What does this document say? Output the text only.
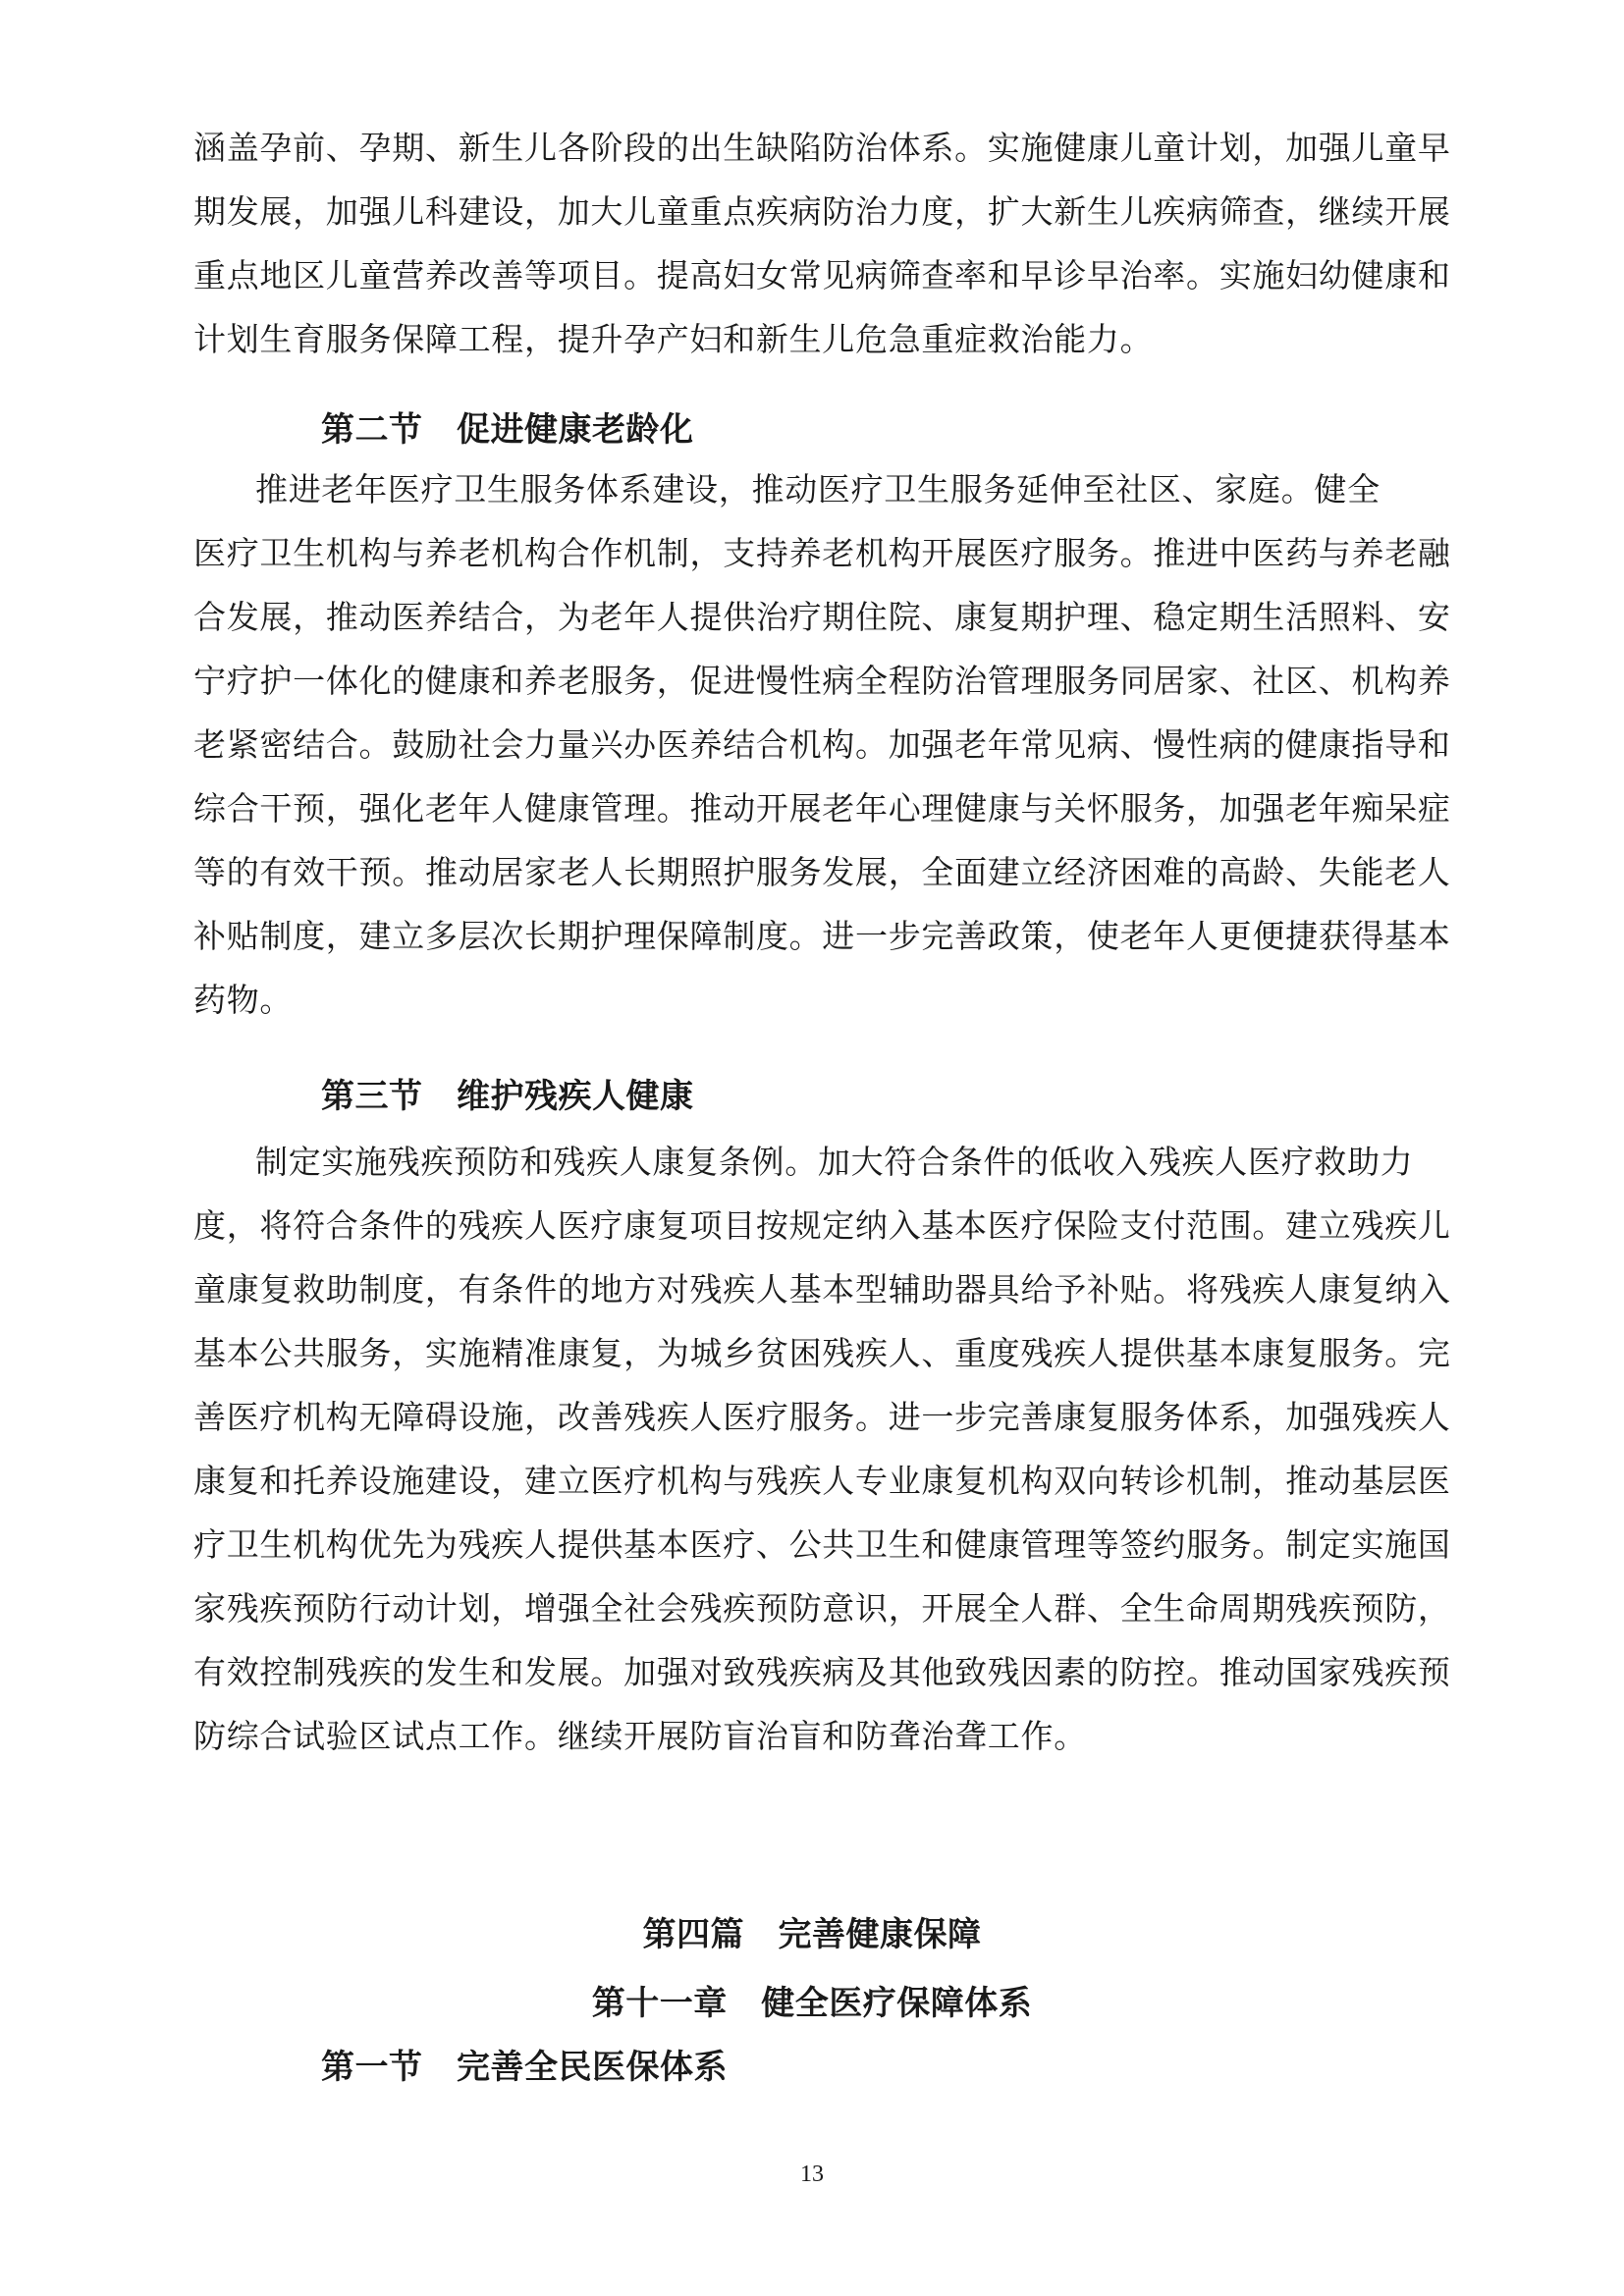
涵盖孕前、孕期、新生儿各阶段的出生缺陷防治体系。实施健康儿童计划，加强儿童早
期发展，加强儿科建设，加大儿童重点疾病防治力度，扩大新生儿疾病筛查，继续开展
重点地区儿童营养改善等项目。提高妇女常见病筛查率和早诊早治率。实施妇幼健康和
计划生育服务保障工程，提升孕产妇和新生儿危急重症救治能力。
第二节　促进健康老龄化
推进老年医疗卫生服务体系建设，推动医疗卫生服务延伸至社区、家庭。健全
医疗卫生机构与养老机构合作机制，支持养老机构开展医疗服务。推进中医药与养老融
合发展，推动医养结合，为老年人提供治疗期住院、康复期护理、稳定期生活照料、安
宁疗护一体化的健康和养老服务，促进慢性病全程防治管理服务同居家、社区、机构养
老紧密结合。鼓励社会力量兴办医养结合机构。加强老年常见病、慢性病的健康指导和
综合干预，强化老年人健康管理。推动开展老年心理健康与关怀服务，加强老年痴呆症
等的有效干预。推动居家老人长期照护服务发展，全面建立经济困难的高龄、失能老人
补贴制度，建立多层次长期护理保障制度。进一步完善政策，使老年人更便捷获得基本
药物。
第三节　维护残疾人健康
制定实施残疾预防和残疾人康复条例。加大符合条件的低收入残疾人医疗救助力
度，将符合条件的残疾人医疗康复项目按规定纳入基本医疗保险支付范围。建立残疾儿
童康复救助制度，有条件的地方对残疾人基本型辅助器具给予补贴。将残疾人康复纳入
基本公共服务，实施精准康复，为城乡贫困残疾人、重度残疾人提供基本康复服务。完
善医疗机构无障碍设施，改善残疾人医疗服务。进一步完善康复服务体系，加强残疾人
康复和托养设施建设，建立医疗机构与残疾人专业康复机构双向转诊机制，推动基层医
疗卫生机构优先为残疾人提供基本医疗、公共卫生和健康管理等签约服务。制定实施国
家残疾预防行动计划，增强全社会残疾预防意识，开展全人群、全生命周期残疾预防，
有效控制残疾的发生和发展。加强对致残疾病及其他致残因素的防控。推动国家残疾预
防综合试验区试点工作。继续开展防盲治盲和防聋治聋工作。
第四篇　完善健康保障
第十一章　健全医疗保障体系
第一节　完善全民医保体系
13
